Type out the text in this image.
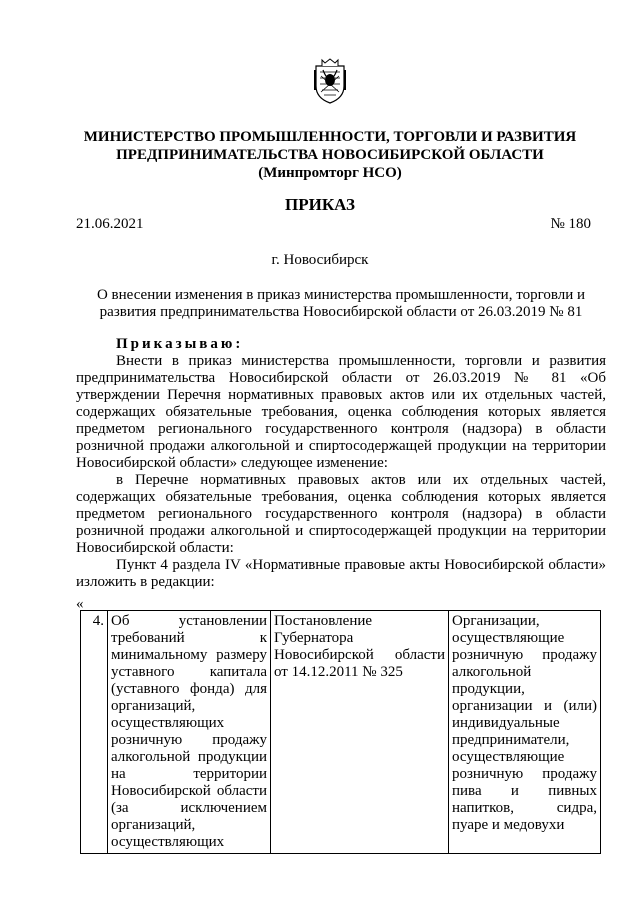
МИНИСТЕРСТВО ПРОМЫШЛЕННОСТИ, ТОРГОВЛИ И РАЗВИТИЯ
ПРЕДПРИНИМАТЕЛЬСТВА НОВОСИБИРСКОЙ ОБЛАСТИ
(Минпромторг НСО)
ПРИКАЗ
21.06.2021	№ 180
г. Новосибирск
О внесении изменения в приказ министерства промышленности, торговли и развития предпринимательства Новосибирской области от 26.03.2019 № 81

Приказываю:

Внести в приказ министерства промышленности, торговли и развития предпринимательства Новосибирской области от 26.03.2019 № 81 «Об утверждении Перечня нормативных правовых актов или их отдельных частей, содержащих обязательные требования, оценка соблюдения которых является предметом регионального государственного контроля (надзора) в области розничной продажи алкогольной и спиртосодержащей продукции на территории Новосибирской области» следующее изменение:

в Перечне нормативных правовых актов или их отдельных частей, содержащих обязательные требования, оценка соблюдения которых является предметом регионального государственного контроля (надзора) в области розничной продажи алкогольной и спиртосодержащей продукции на территории Новосибирской области:

Пункт 4 раздела IV «Нормативные правовые акты Новосибирской области» изложить в редакции:

«
4.	Об установлении требований к минимальному размеру уставного капитала (уставного фонда) для организаций, осуществляющих розничную продажу алкогольной продукции на территории Новосибирской области (за исключением организаций, осуществляющих	Постановление Губернатора Новосибирской области от 14.12.2011 № 325	Организации, осуществляющие розничную продажу алкогольной продукции, организации и (или) индивидуальные предприниматели, осуществляющие розничную продажу пива и пивных напитков, сидра, пуаре и медовухи
